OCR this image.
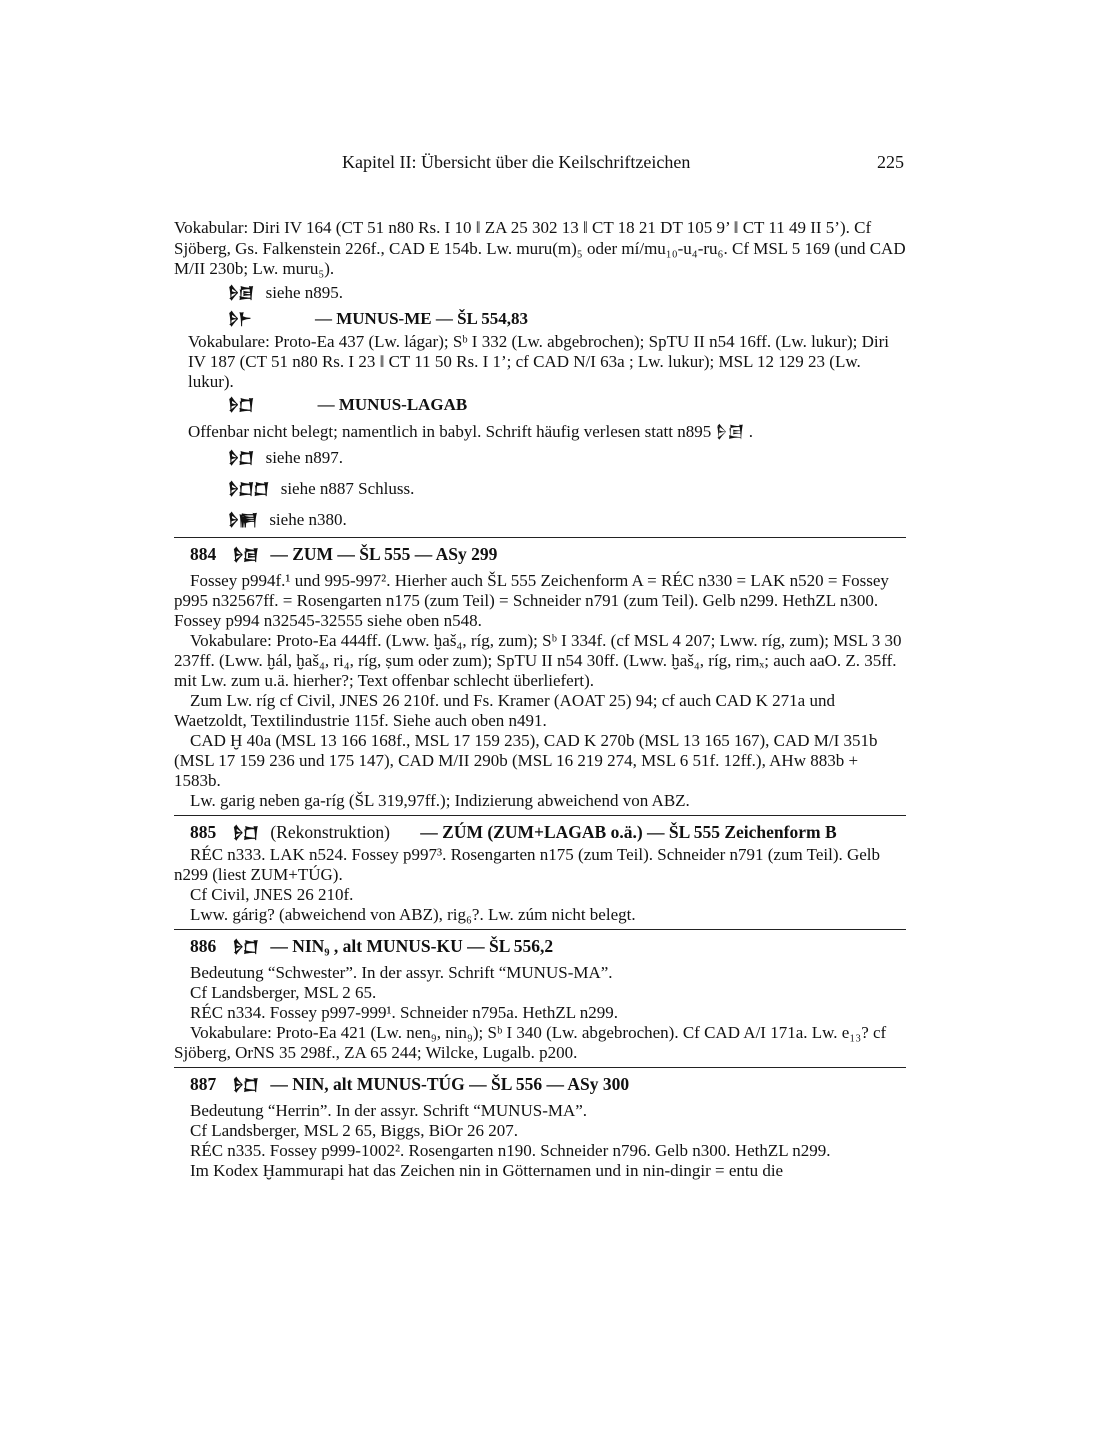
Kapitel II: Übersicht über die Keilschriftzeichen	225

Vokabular: Diri IV 164 (CT 51 n80 Rs. I 10 ǁ ZA 25 302 13 ǁ CT 18 21 DT 105 9’ ǁ CT 11 49 II 5’). Cf Sjöberg, Gs. Falkenstein 226f., CAD E 154b. Lw. muru(m)₅ oder mí/mu₁₀-u₄-ru₆. Cf MSL 5 169 (und CAD M/II 230b; Lw. muru₅).

𒊩𒌆 siehe n895.
𒊩𒈨	— MUNUS-ME — ŠL 554,83

Vokabulare: Proto-Ea 437 (Lw. lágar); Sᵇ I 332 (Lw. abgebrochen); SpTU II n54 16ff. (Lw. lukur); Diri IV 187 (CT 51 n80 Rs. I 23 ǁ CT 11 50 Rs. I 1’; cf CAD N/I 63a ; Lw. lukur); MSL 12 129 23 (Lw. lukur).

𒊩𒆸	— MUNUS-LAGAB

Offenbar nicht belegt; namentlich in babyl. Schrift häufig verlesen statt n895 𒊩𒌆 .

𒊩𒆸 siehe n897.
𒊩𒆸𒆸 siehe n887 Schluss.
𒊩𒂍 siehe n380.
884 𒊩𒌆 — ZUM — ŠL 555 — ASy 299

Fossey p994f.¹ und 995-997². Hierher auch ŠL 555 Zeichenform A = RÉC n330 = LAK n520 = Fossey p995 n32567ff. = Rosengarten n175 (zum Teil) = Schneider n791 (zum Teil). Gelb n299. HethZL n300. Fossey p994 n32545-32555 siehe oben n548.

Vokabulare: Proto-Ea 444ff. (Lww. ḫaš₄, ríg, zum); Sᵇ I 334f. (cf MSL 4 207; Lww. ríg, zum); MSL 3 30 237ff. (Lww. ḫál, ḫaš₄, ri₄, ríg, ṣum oder zum); SpTU II n54 30ff. (Lww. ḫaš₄, ríg, rimₓ; auch aaO. Z. 35ff. mit Lw. zum u.ä. hierher?; Text offenbar schlecht überliefert).

Zum Lw. ríg cf Civil, JNES 26 210f. und Fs. Kramer (AOAT 25) 94; cf auch CAD K 271a und Waetzoldt, Textilindustrie 115f. Siehe auch oben n491.

CAD Ḫ 40a (MSL 13 166 168f., MSL 17 159 235), CAD K 270b (MSL 13 165 167), CAD M/I 351b (MSL 17 159 236 und 175 147), CAD M/II 290b (MSL 16 219 274, MSL 6 51f. 12ff.), AHw 883b + 1583b.

Lw. garig neben ga-ríg (ŠL 319,97ff.); Indizierung abweichend von ABZ.

885 𒊩𒆸 (Rekonstruktion) — ZÚM (ZUM+LAGAB o.ä.) — ŠL 555 Zeichenform B

RÉC n333. LAK n524. Fossey p997³. Rosengarten n175 (zum Teil). Schneider n791 (zum Teil). Gelb n299 (liest ZUM+TÚG).

Cf Civil, JNES 26 210f.

Lww. gárig? (abweichend von ABZ), rig₆?. Lw. zúm nicht belegt.

886 𒊩𒆸 — NIN₉ , alt MUNUS-KU — ŠL 556,2

Bedeutung “Schwester”. In der assyr. Schrift “MUNUS-MA”.

Cf Landsberger, MSL 2 65.

RÉC n334. Fossey p997-999¹. Schneider n795a. HethZL n299.

Vokabulare: Proto-Ea 421 (Lw. nen₉, nin₉); Sᵇ I 340 (Lw. abgebrochen). Cf CAD A/I 171a. Lw. e₁₃? cf Sjöberg, OrNS 35 298f., ZA 65 244; Wilcke, Lugalb. p200.

887 𒊩𒆸 — NIN, alt MUNUS-TÚG — ŠL 556 — ASy 300

Bedeutung “Herrin”. In der assyr. Schrift “MUNUS-MA”.

Cf Landsberger, MSL 2 65, Biggs, BiOr 26 207.

RÉC n335. Fossey p999-1002². Rosengarten n190. Schneider n796. Gelb n300. HethZL n299.

Im Kodex Ḫammurapi hat das Zeichen nin in Götternamen und in nin-dingir = entu die
